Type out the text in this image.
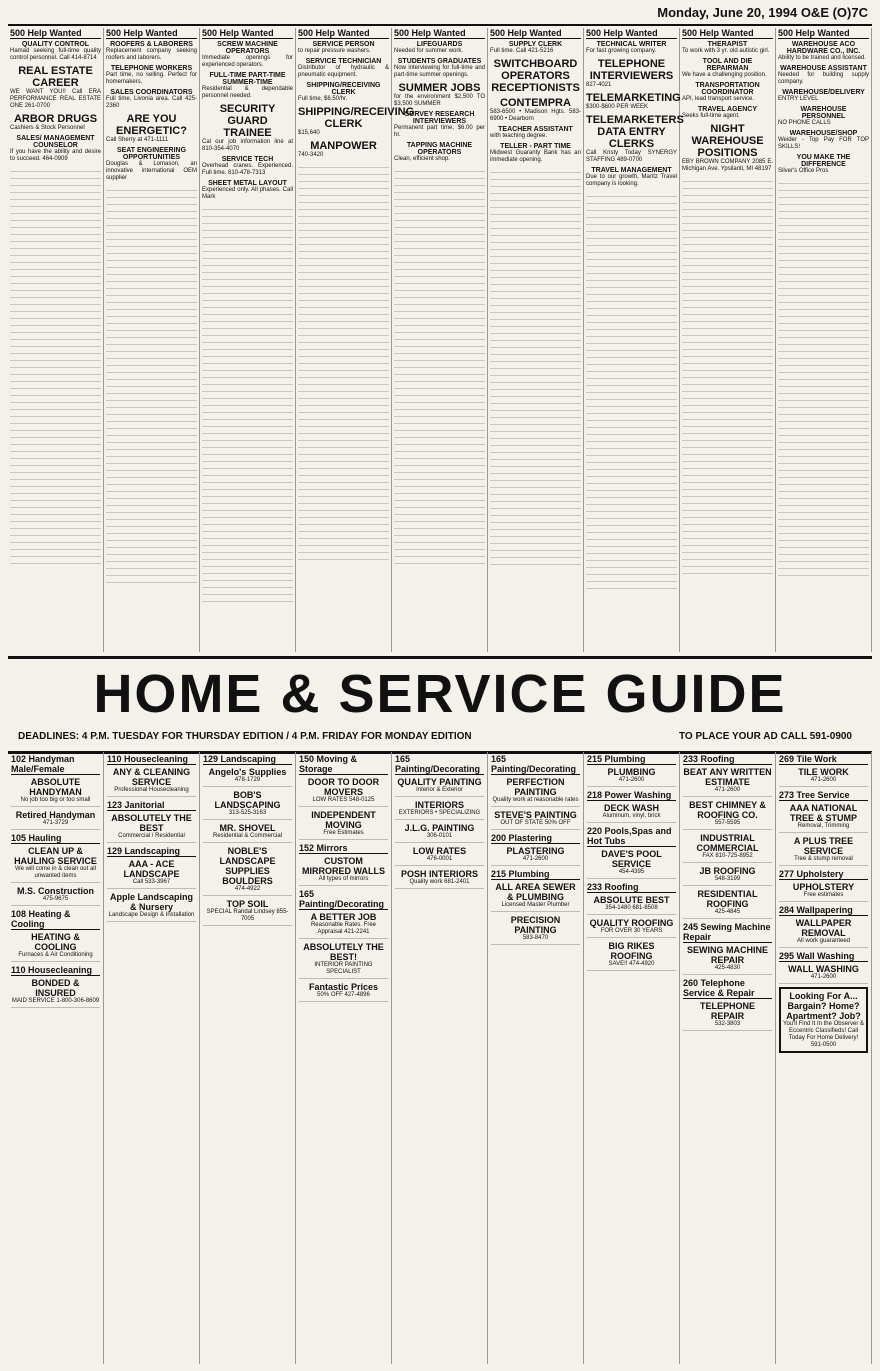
Monday, June 20, 1994 O&E (O)7C
500 Help Wanted
QUALITY CONTROL
Hamad seeking full-time quality control personnel. Call 414-8714
REAL ESTATE CAREER
WE WANT YOU!! Call ERA PERFORMANCE REAL ESTATE ONE 261-0700
ARBOR DRUGS
Cashiers & Stock Personnel
SALES/ MANAGEMENT COUNSELOR
If you have the ability and desire to succeed. 464-0909
500 Help Wanted
ROOFERS & LABORERS
Replacement company seeking roofers and laborers.
TELEPHONE WORKERS
Part time, no selling. Perfect for homemakers.
SALES COORDINATORS
Full time, Livonia area. Call 425-2360
ARE YOU ENERGETIC?
Call Sherry at 471-1111
SEAT ENGINEERING OPPORTUNITIES
Douglas & Lomason, an innovative international OEM supplier
500 Help Wanted
SCREW MACHINE OPERATORS
Immediate openings for experienced operators.
FULL-TIME PART-TIME SUMMER-TIME
Residential & dependable personnel needed.
SECURITY GUARD TRAINEE
Cal our job information line at 810-354-4070
SERVICE TECH
Overhead cranes. Experienced. Full time. 810-478-7313
SHEET METAL LAYOUT
Experienced only. All phases. Call Mark
500 Help Wanted
SERVICE PERSON
to repair pressure washers.
SERVICE TECHNICIAN
Distributor of hydraulic & pneumatic equipment.
SHIPPING/RECEIVING CLERK
Full time, $6.50/hr.
SHIPPING/RECEIVING CLERK
$15,640
MANPOWER
740-3420
500 Help Wanted
LIFEGUARDS
Needed for summer work.
STUDENTS GRADUATES
Now interviewing for full-time and part-time summer openings.
SUMMER JOBS
for the environment $2,500 TO $3,500 SUMMER
SURVEY RESEARCH INTERVIEWERS
Permanent part time, $6.00 per hr.
TAPPING MACHINE OPERATORS
Clean, efficient shop.
500 Help Wanted
SUPPLY CLERK
Full time. Call 421-5216
SWITCHBOARD OPERATORS RECEPTIONISTS
CONTEMPRA
583-6500 • Madison Hgts. 583-6900 • Dearborn
TEACHER ASSISTANT
with teaching degree.
TELLER - PART TIME
Midwest Guaranty Bank has an immediate opening.
500 Help Wanted
TECHNICAL WRITER
For fast growing company.
TELEPHONE INTERVIEWERS
827-4021
TELEMARKETING
$300-$600 PER WEEK
TELEMARKETERS DATA ENTRY CLERKS
Call Kristy Today SYNERGY STAFFING 489-0700
TRAVEL MANAGEMENT
Due to our growth, Maritz Travel company is looking.
500 Help Wanted
THERAPIST
To work with 3 yr. old autistic girl.
TOOL AND DIE REPAIRMAN
We have a challenging position.
TRANSPORTATION COORDINATOR
API, lead transport service.
TRAVEL AGENCY
Seeks full-time agent.
NIGHT WAREHOUSE POSITIONS
EBY BROWN COMPANY 2085 E. Michigan Ave. Ypsilanti, MI 48197
500 Help Wanted
WAREHOUSE ACO HARDWARE CO., INC.
Ability to be trained and licensed.
WAREHOUSE ASSISTANT
Needed for building supply company.
WAREHOUSE/DELIVERY
ENTRY LEVEL
WAREHOUSE PERSONNEL
NO PHONE CALLS
WAREHOUSE/SHOP
Weider - Top Pay FOR TOP SKILLS!
YOU MAKE THE DIFFERENCE
Silver's Office Pros
HOME & SERVICE GUIDE
DEADLINES: 4 P.M. TUESDAY FOR THURSDAY EDITION / 4 P.M. FRIDAY FOR MONDAY EDITION	TO PLACE YOUR AD CALL 591-0900
102 Handyman Male/Female
ABSOLUTE HANDYMAN
No job too big or too small
Retired Handyman
471-3729
105 Hauling
CLEAN UP & HAULING SERVICE
We will come in & clean out all unwanted items
M.S. Construction
475-9675
108 Heating & Cooling
HEATING & COOLING
Furnaces & Air Conditioning
110 Housecleaning
BONDED & INSURED
MAID SERVICE 1-800-306-8609
110 Housecleaning
ANY & CLEANING SERVICE
Professional Housecleaning
123 Janitorial
ABSOLUTELY THE BEST
Commercial / Residential
129 Landscaping
AAA - ACE LANDSCAPE
Call 533-3967
Apple Landscaping & Nursery
Landscape Design & Installation
129 Landscaping
Angelo's Supplies
478-1729
BOB'S LANDSCAPING
313-525-3163
MR. SHOVEL
Residential & Commercial
NOBLE'S LANDSCAPE SUPPLIES BOULDERS
474-4922
TOP SOIL
SPECIAL Randal Lindsey 855-7005
150 Moving & Storage
DOOR TO DOOR MOVERS
LOW RATES 548-0125
INDEPENDENT MOVING
Free Estimates
152 Mirrors
CUSTOM MIRRORED WALLS
All types of mirrors
165 Painting/Decorating
A BETTER JOB
Reasonable Rates. Free Appraisal 421-2241
ABSOLUTELY THE BEST!
INTERIOR PAINTING SPECIALIST
Fantastic Prices
50% OFF 427-4896
165 Painting/Decorating
QUALITY PAINTING
Interior & Exterior
INTERIORS
EXTERIORS • SPECIALIZING
J.L.G. PAINTING
306-0101
LOW RATES
476-0001
POSH INTERIORS
Quality work 681-2401
165 Painting/Decorating
PERFECTION PAINTING
Quality work at reasonable rates
STEVE'S PAINTING
OUT OF STATE 50% OFF
200 Plastering
PLASTERING
471-2600
215 Plumbing
ALL AREA SEWER & PLUMBING
Licensed Master Plumber
PRECISION PAINTING
583-8470
215 Plumbing
PLUMBING
471-2600
218 Power Washing
DECK WASH
Aluminum, vinyl, brick
220 Pools,Spas and Hot Tubs
DAVE'S POOL SERVICE
454-4395
233 Roofing
ABSOLUTE BEST
354-1480 681-8508
QUALITY ROOFING
FOR OVER 30 YEARS
BIG RIKES ROOFING
SAVE!! 474-4920
233 Roofing
BEAT ANY WRITTEN ESTIMATE
471-2600
BEST CHIMNEY & ROOFING CO.
557-5595
INDUSTRIAL COMMERCIAL
FAX 810-725-8952
JB ROOFING
548-3199
RESIDENTIAL ROOFING
425-4845
245 Sewing Machine Repair
SEWING MACHINE REPAIR
425-4830
260 Telephone Service & Repair
TELEPHONE REPAIR
532-3803
269 Tile Work
TILE WORK
471-2600
273 Tree Service
AAA NATIONAL TREE & STUMP
Removal, Trimming
A PLUS TREE SERVICE
Tree & stump removal
277 Upholstery
UPHOLSTERY
Free estimates
284 Wallpapering
WALLPAPER REMOVAL
All work guaranteed
295 Wall Washing
WALL WASHING
471-2600
Looking For A... Bargain? Home? Apartment? Job?
You'll Find It In the Observer & Eccentric Classifieds! Call Today For Home Delivery! 591-0500
